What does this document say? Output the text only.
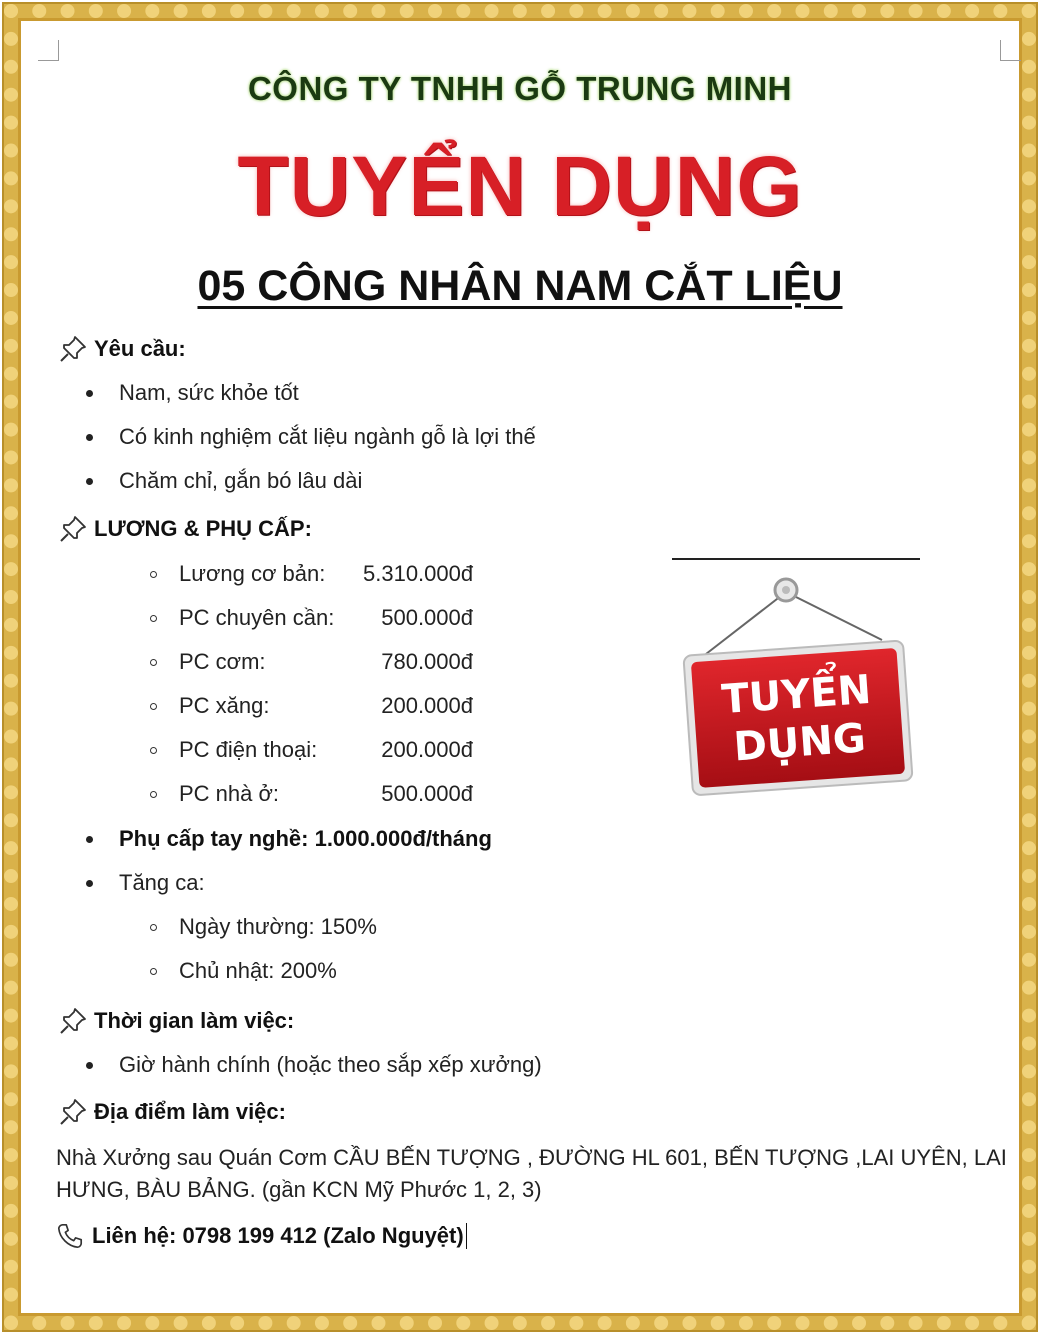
CÔNG TY TNHH GỖ TRUNG MINH
TUYỂN DỤNG
05 CÔNG NHÂN NAM CẮT LIỆU
Yêu cầu:
Nam, sức khỏe tốt
Có kinh nghiệm cắt liệu ngành gỗ là lợi thế
Chăm chỉ, gắn bó lâu dài
LƯƠNG & PHỤ CẤP:
Lương cơ bản:	5.310.000đ
PC chuyên cần:	500.000đ
PC cơm:	780.000đ
PC xăng:	200.000đ
PC điện thoại:	200.000đ
PC nhà ở:	500.000đ
Phụ cấp tay nghề: 1.000.000đ/tháng
Tăng ca:
Ngày thường: 150%
Chủ nhật: 200%
Thời gian làm việc:
Giờ hành chính (hoặc theo sắp xếp xưởng)
Địa điểm làm việc:
Nhà Xưởng sau Quán Cơm CẦU BẾN TƯỢNG , ĐƯỜNG HL 601, BẾN TƯỢNG ,LAI UYÊN, LAI HƯNG, BÀU BẢNG. (gần KCN Mỹ Phước 1, 2, 3)
Liên hệ: 0798 199 412 (Zalo Nguyệt)
TUYỂN
DỤNG
